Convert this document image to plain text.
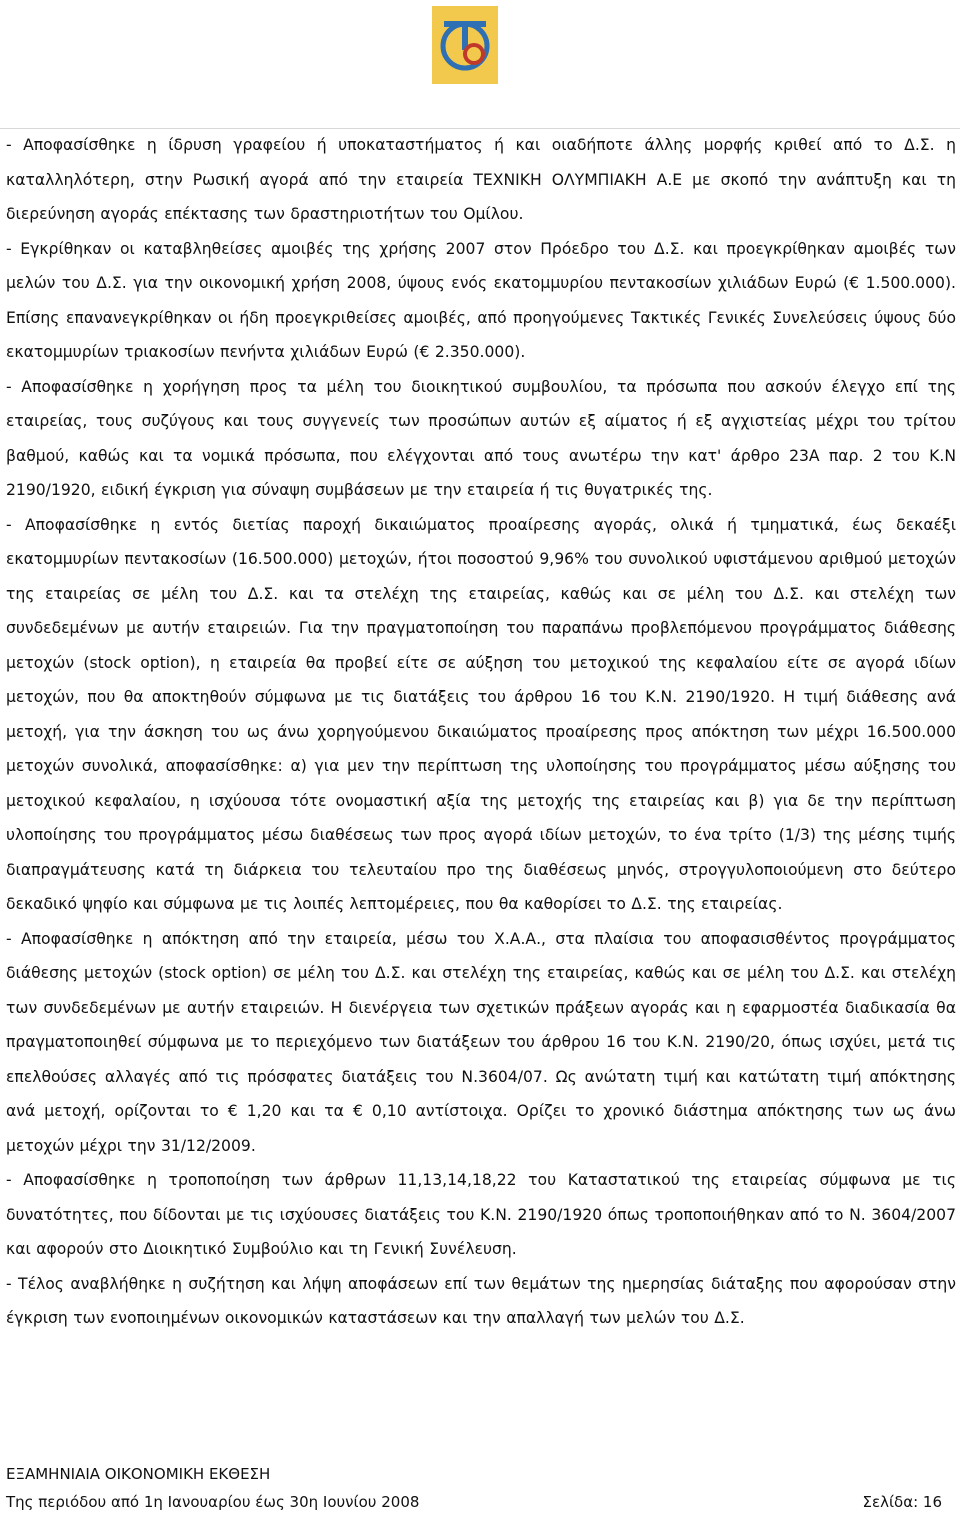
- Αποφασίσθηκε η ίδρυση γραφείου ή υποκαταστήματος ή και οιαδήποτε άλλης μορφής κριθεί από το Δ.Σ. η καταλληλότερη, στην Ρωσική αγορά από την εταιρεία ΤΕΧΝΙΚΗ ΟΛΥΜΠΙΑΚΗ Α.Ε με σκοπό την ανάπτυξη και τη διερεύνηση αγοράς επέκτασης των δραστηριοτήτων του Ομίλου.

- Εγκρίθηκαν οι καταβληθείσες αμοιβές της χρήσης 2007 στον Πρόεδρο του Δ.Σ. και προεγκρίθηκαν αμοιβές των μελών του Δ.Σ. για την οικονομική χρήση 2008, ύψους ενός εκατομμυρίου πεντακοσίων χιλιάδων Ευρώ (€ 1.500.000). Επίσης επανανεγκρίθηκαν οι ήδη προεγκριθείσες αμοιβές, από προηγούμενες Τακτικές Γενικές Συνελεύσεις ύψους δύο εκατομμυρίων τριακοσίων πενήντα χιλιάδων Ευρώ (€ 2.350.000).

- Αποφασίσθηκε η χορήγηση προς τα μέλη του διοικητικού συμβουλίου, τα πρόσωπα που ασκούν έλεγχο επί της εταιρείας, τους συζύγους και τους συγγενείς των προσώπων αυτών εξ αίματος ή εξ αγχιστείας μέχρι του τρίτου βαθμού, καθώς και τα νομικά πρόσωπα, που ελέγχονται από τους ανωτέρω την κατ' άρθρο 23Α παρ. 2 του Κ.Ν 2190/1920, ειδική έγκριση για σύναψη συμβάσεων με την εταιρεία ή τις θυγατρικές της.

- Αποφασίσθηκε η εντός διετίας παροχή δικαιώματος προαίρεσης αγοράς, ολικά ή τμηματικά, έως δεκαέξι εκατομμυρίων πεντακοσίων (16.500.000) μετοχών, ήτοι ποσοστού 9,96% του συνολικού υφιστάμενου αριθμού μετοχών της εταιρείας σε μέλη του Δ.Σ. και τα στελέχη της εταιρείας, καθώς και σε μέλη του Δ.Σ. και στελέχη των συνδεδεμένων με αυτήν εταιρειών. Για την πραγματοποίηση του παραπάνω προβλεπόμενου προγράμματος διάθεσης μετοχών (stock option), η εταιρεία θα προβεί είτε σε αύξηση του μετοχικού της κεφαλαίου είτε σε αγορά ιδίων μετοχών, που θα αποκτηθούν σύμφωνα με τις διατάξεις του άρθρου 16 του Κ.Ν. 2190/1920. Η τιμή διάθεσης ανά μετοχή, για την άσκηση του ως άνω χορηγούμενου δικαιώματος προαίρεσης προς απόκτηση των μέχρι 16.500.000 μετοχών συνολικά, αποφασίσθηκε: α) για μεν την περίπτωση της υλοποίησης του προγράμματος μέσω αύξησης του μετοχικού κεφαλαίου, η ισχύουσα τότε ονομαστική αξία της μετοχής της εταιρείας και β) για δε την περίπτωση υλοποίησης του προγράμματος μέσω διαθέσεως των προς αγορά ιδίων μετοχών, το ένα τρίτο (1/3) της μέσης τιμής διαπραγμάτευσης κατά τη διάρκεια του τελευταίου προ της διαθέσεως μηνός, στρογγυλοποιούμενη στο δεύτερο δεκαδικό ψηφίο και σύμφωνα με τις λοιπές λεπτομέρειες, που θα καθορίσει το Δ.Σ. της εταιρείας.

- Αποφασίσθηκε η απόκτηση από την εταιρεία, μέσω του Χ.Α.Α., στα πλαίσια του αποφασισθέντος προγράμματος διάθεσης μετοχών (stock option) σε μέλη του Δ.Σ. και στελέχη της εταιρείας, καθώς και σε μέλη του Δ.Σ. και στελέχη των συνδεδεμένων με αυτήν εταιρειών. Η διενέργεια των σχετικών πράξεων αγοράς και η εφαρμοστέα διαδικασία θα πραγματοποιηθεί σύμφωνα με το περιεχόμενο των διατάξεων του άρθρου 16 του Κ.Ν. 2190/20, όπως ισχύει, μετά τις επελθούσες αλλαγές από τις πρόσφατες διατάξεις του Ν.3604/07. Ως ανώτατη τιμή και κατώτατη τιμή απόκτησης ανά μετοχή, ορίζονται το € 1,20 και τα € 0,10 αντίστοιχα. Ορίζει το χρονικό διάστημα απόκτησης των ως άνω μετοχών μέχρι την 31/12/2009.

- Αποφασίσθηκε η τροποποίηση των άρθρων 11,13,14,18,22 του Καταστατικού της εταιρείας σύμφωνα με τις δυνατότητες, που δίδονται με τις ισχύουσες διατάξεις του Κ.Ν. 2190/1920 όπως τροποποιήθηκαν από το Ν. 3604/2007 και αφορούν στο Διοικητικό Συμβούλιο και τη Γενική Συνέλευση.

- Τέλος αναβλήθηκε η συζήτηση και λήψη αποφάσεων επί των θεμάτων της ημερησίας διάταξης που αφορούσαν στην έγκριση των ενοποιημένων οικονομικών καταστάσεων και την απαλλαγή των μελών του Δ.Σ.

ΕΞΑΜΗΝΙΑΙΑ ΟΙΚΟΝΟΜΙΚΗ ΕΚΘΕΣΗ
Της περιόδου από 1η Ιανουαρίου έως 30η Ιουνίου 2008	Σελίδα: 16
